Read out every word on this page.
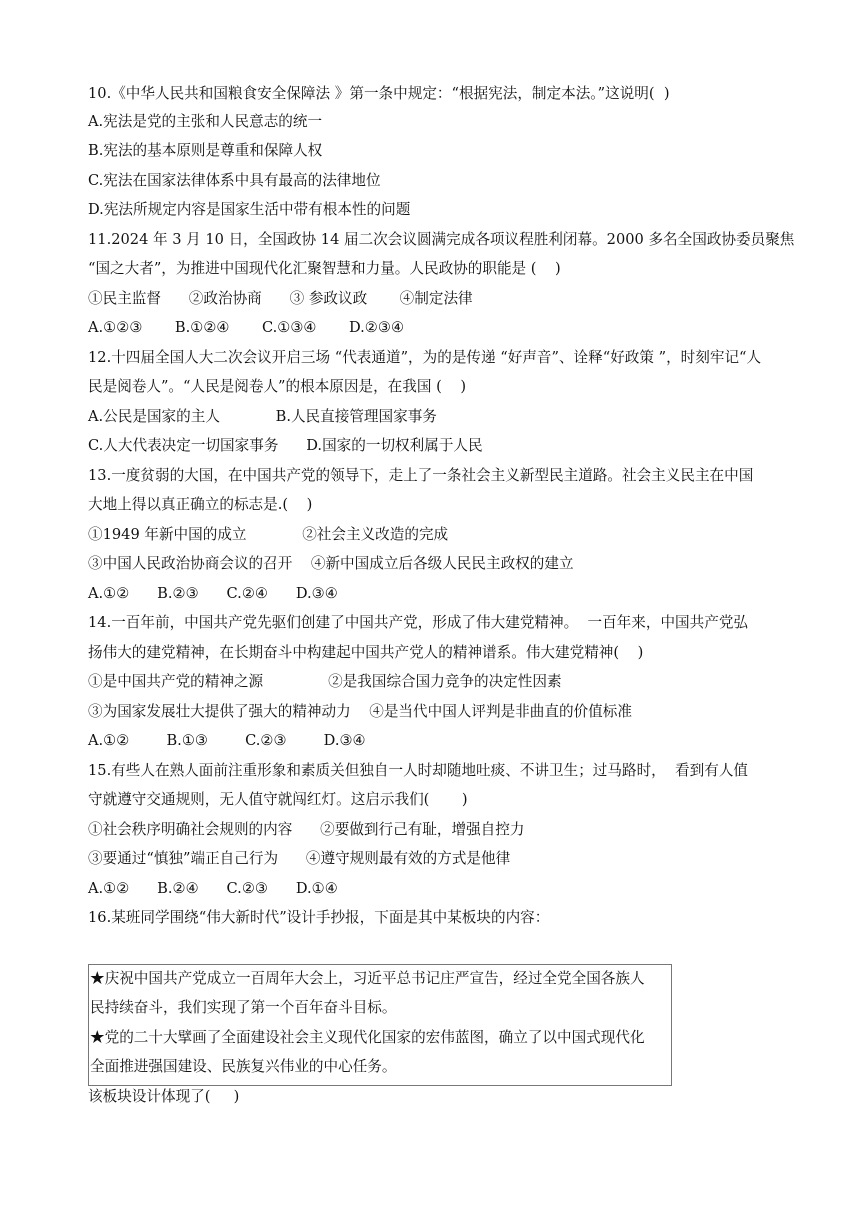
10.《中华人民共和国粮食安全保障法 》第一条中规定：“根据宪法，制定本法。”这说明(  )
A.宪法是党的主张和人民意志的统一
B.宪法的基本原则是尊重和保障人权
C.宪法在国家法律体系中具有最高的法律地位
D.宪法所规定内容是国家生活中带有根本性的问题
11.2024 年 3 月 10 日，全国政协 14 届二次会议圆满完成各项议程胜利闭幕。2000 多名全国政协委员聚焦
“国之大者”，为推进中国现代化汇聚智慧和力量。人民政协的职能是 (    )
①民主监督      ②政治协商      ③ 参政议政       ④制定法律
A.①②③       B.①②④       C.①③④       D.②③④
12.十四届全国人大二次会议开启三场 “代表通道”，为的是传递 “好声音”、诠释“好政策 ”，时刻牢记“人
民是阅卷人”。“人民是阅卷人”的根本原因是，在我国 (    )
A.公民是国家的主人            B.人民直接管理国家事务
C.人大代表决定一切国家事务      D.国家的一切权利属于人民
13.一度贫弱的大国，在中国共产党的领导下，走上了一条社会主义新型民主道路。社会主义民主在中国
大地上得以真正确立的标志是.(    )
①1949 年新中国的成立            ②社会主义改造的完成
③中国人民政治协商会议的召开    ④新中国成立后各级人民民主政权的建立
A.①②      B.②③      C.②④      D.③④
14.一百年前，中国共产党先驱们创建了中国共产党，形成了伟大建党精神。  一百年来，中国共产党弘
扬伟大的建党精神，在长期奋斗中构建起中国共产党人的精神谱系。伟大建党精神(    )
①是中国共产党的精神之源              ②是我国综合国力竞争的决定性因素
③为国家发展壮大提供了强大的精神动力    ④是当代中国人评判是非曲直的价值标准
A.①②        B.①③        C.②③        D.③④
15.有些人在熟人面前注重形象和素质关但独自一人时却随地吐痰、不讲卫生；过马路时，  看到有人值
守就遵守交通规则，无人值守就闯红灯。这启示我们(       )
①社会秩序明确社会规则的内容      ②要做到行己有耻，增强自控力
③要通过“慎独”端正自己行为      ④遵守规则最有效的方式是他律
A.①②      B.②④      C.②③      D.①④
16.某班同学围绕“伟大新时代”设计手抄报，下面是其中某板块的内容：
★庆祝中国共产党成立一百周年大会上，习近平总书记庄严宣告，经过全党全国各族人
民持续奋斗，我们实现了第一个百年奋斗目标。
★党的二十大擘画了全面建设社会主义现代化国家的宏伟蓝图，确立了以中国式现代化
全面推进强国建设、民族复兴伟业的中心任务。
该板块设计体现了(     )
